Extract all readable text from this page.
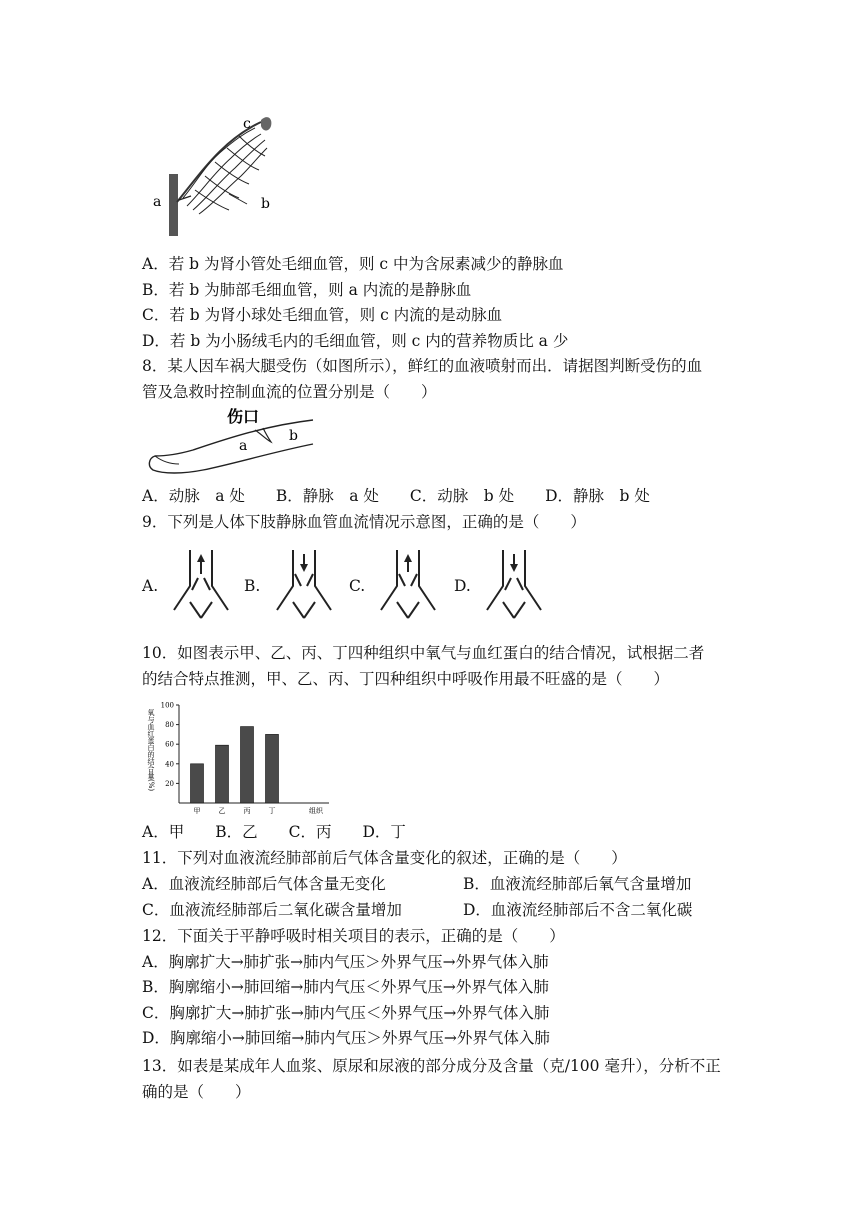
a	b
c
A．若 b 为肾小管处毛细血管，则 c 中为含尿素减少的静脉血
B．若 b 为肺部毛细血管，则 a 内流的是静脉血
C．若 b 为肾小球处毛细血管，则 c 内流的是动脉血
D．若 b 为小肠绒毛内的毛细血管，则 c 内的营养物质比 a 少
8．某人因车祸大腿受伤（如图所示），鲜红的血液喷射而出．请据图判断受伤的血
管及急救时控制血流的位置分别是（　　）
伤口
a
b
A．动脉　a 处　　B．静脉　a 处　　C．动脉　b 处　　D．静脉　b 处
9．下列是人体下肢静脉血管血流情况示意图，正确的是（　　）
A.	B.	C.	D.
10．如图表示甲、乙、丙、丁四种组织中氧气与血红蛋白的结合情况，试根据二者
的结合特点推测，甲、乙、丙、丁四种组织中呼吸作用最不旺盛的是（　　）
氧与血红蛋白的结合量(%) 20
40
60
80
100
甲	乙	丙	丁	组织
A．甲　　B．乙　　C．丙　　D．丁
11．下列对血液流经肺部前后气体含量变化的叙述，正确的是（　　）
A．血液流经肺部后气体含量无变化	B．血液流经肺部后氧气含量增加
C．血液流经肺部后二氧化碳含量增加	D．血液流经肺部后不含二氧化碳
12．下面关于平静呼吸时相关项目的表示，正确的是（　　）
A．胸廓扩大→肺扩张→肺内气压＞外界气压→外界气体入肺
B．胸廓缩小→肺回缩→肺内气压＜外界气压→外界气体入肺
C．胸廓扩大→肺扩张→肺内气压＜外界气压→外界气体入肺
D．胸廓缩小→肺回缩→肺内气压＞外界气压→外界气体入肺
13．如表是某成年人血浆、原尿和尿液的部分成分及含量（克/100 毫升），分析不正
确的是（　　）
